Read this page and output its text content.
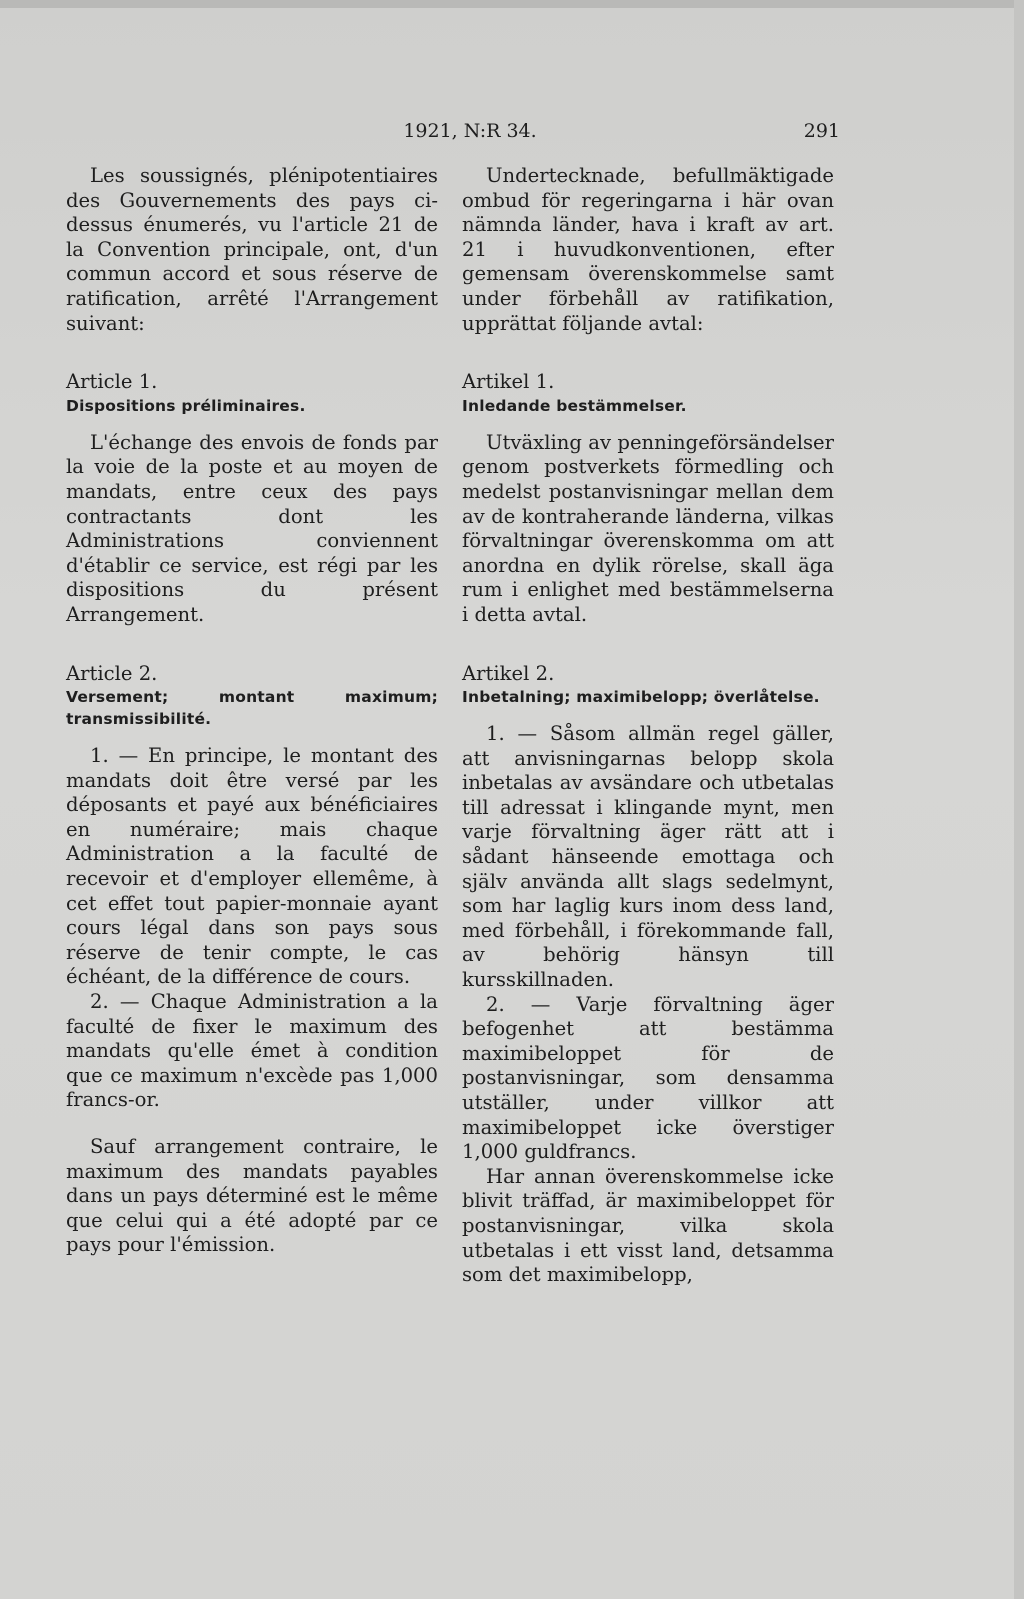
1921, N:R 34.	291

Les soussignés, plénipotentiaires des Gouvernements des pays ci-dessus énumerés, vu l'article 21 de la Convention principale, ont, d'un commun accord et sous réserve de ratification, arrêté l'Arrangement suivant:

Article 1.

Dispositions préliminaires.

L'échange des envois de fonds par la voie de la poste et au moyen de mandats, entre ceux des pays contractants dont les Administrations conviennent d'établir ce service, est régi par les dispositions du présent Arrangement.

Article 2.

Versement; montant maximum; transmissibilité.

1. — En principe, le montant des mandats doit être versé par les déposants et payé aux bénéficiaires en numéraire; mais chaque Administration a la faculté de recevoir et d'employer ellemême, à cet effet tout papier-monnaie ayant cours légal dans son pays sous réserve de tenir compte, le cas échéant, de la différence de cours.

2. — Chaque Administration a la faculté de fixer le maximum des mandats qu'elle émet à condition que ce maximum n'excède pas 1,000 francs-or.

Sauf arrangement contraire, le maximum des mandats payables dans un pays déterminé est le même que celui qui a été adopté par ce pays pour l'émission.

Undertecknade, befullmäktigade ombud för regeringarna i här ovan nämnda länder, hava i kraft av art. 21 i huvudkonventionen, efter gemensam överenskommelse samt under förbehåll av ratifikation, upprättat följande avtal:

Artikel 1.

Inledande bestämmelser.

Utväxling av penningeförsändelser genom postverkets förmedling och medelst postanvisningar mellan dem av de kontraherande länderna, vilkas förvaltningar överenskomma om att anordna en dylik rörelse, skall äga rum i enlighet med bestämmelserna i detta avtal.

Artikel 2.

Inbetalning; maximibelopp; överlåtelse.

1. — Såsom allmän regel gäller, att anvisningarnas belopp skola inbetalas av avsändare och utbetalas till adressat i klingande mynt, men varje förvaltning äger rätt att i sådant hänseende emottaga och själv använda allt slags sedelmynt, som har laglig kurs inom dess land, med förbehåll, i förekommande fall, av behörig hänsyn till kursskillnaden.

2. — Varje förvaltning äger befogenhet att bestämma maximibeloppet för de postanvisningar, som densamma utställer, under villkor att maximibeloppet icke överstiger 1,000 guldfrancs.

Har annan överenskommelse icke blivit träffad, är maximibeloppet för postanvisningar, vilka skola utbetalas i ett visst land, detsamma som det maximibelopp,
